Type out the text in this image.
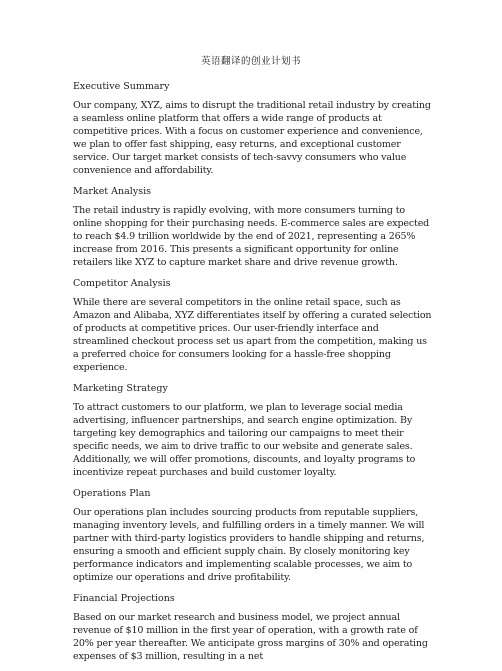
英语翻译的创业计划书
Executive Summary
Our company, XYZ, aims to disrupt the traditional retail industry by creating a seamless online platform that offers a wide range of products at competitive prices. With a focus on customer experience and convenience, we plan to offer fast shipping, easy returns, and exceptional customer service. Our target market consists of tech-savvy consumers who value convenience and affordability.
Market Analysis
The retail industry is rapidly evolving, with more consumers turning to online shopping for their purchasing needs. E-commerce sales are expected to reach $4.9 trillion worldwide by the end of 2021, representing a 265% increase from 2016. This presents a significant opportunity for online retailers like XYZ to capture market share and drive revenue growth.
Competitor Analysis
While there are several competitors in the online retail space, such as Amazon and Alibaba, XYZ differentiates itself by offering a curated selection of products at competitive prices. Our user-friendly interface and streamlined checkout process set us apart from the competition, making us a preferred choice for consumers looking for a hassle-free shopping experience.
Marketing Strategy
To attract customers to our platform, we plan to leverage social media advertising, influencer partnerships, and search engine optimization. By targeting key demographics and tailoring our campaigns to meet their specific needs, we aim to drive traffic to our website and generate sales. Additionally, we will offer promotions, discounts, and loyalty programs to incentivize repeat purchases and build customer loyalty.
Operations Plan
Our operations plan includes sourcing products from reputable suppliers, managing inventory levels, and fulfilling orders in a timely manner. We will partner with third-party logistics providers to handle shipping and returns, ensuring a smooth and efficient supply chain. By closely monitoring key performance indicators and implementing scalable processes, we aim to optimize our operations and drive profitability.
Financial Projections
Based on our market research and business model, we project annual revenue of $10 million in the first year of operation, with a growth rate of 20% per year thereafter. We anticipate gross margins of 30% and operating expenses of $3 million, resulting in a net
